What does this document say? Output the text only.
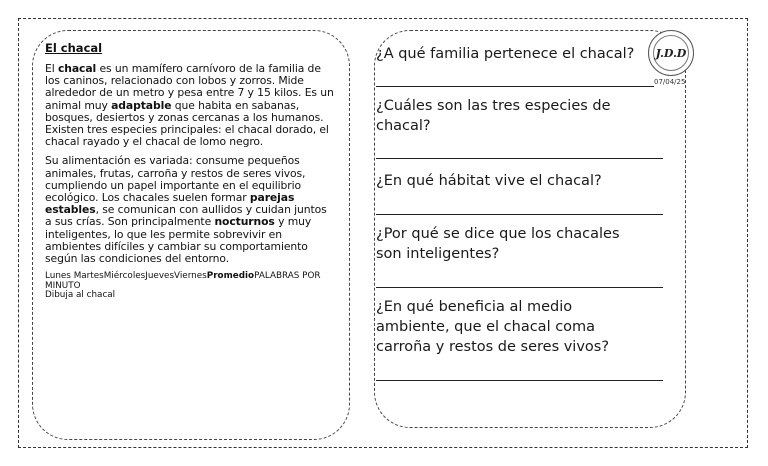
El chacal

El chacal es un mamífero carnívoro de la familia de los caninos, relacionado con lobos y zorros. Mide alrededor de un metro y pesa entre 7 y 15 kilos. Es un animal muy adaptable que habita en sabanas, bosques, desiertos y zonas cercanas a los humanos. Existen tres especies principales: el chacal dorado, el chacal rayado y el chacal de lomo negro.

Su alimentación es variada: consume pequeños animales, frutas, carroña y restos de seres vivos, cumpliendo un papel importante en el equilibrio ecológico. Los chacales suelen formar parejas estables, se comunican con aullidos y cuidan juntos a sus crías. Son principalmente nocturnos y muy inteligentes, lo que les permite sobrevivir en ambientes difíciles y cambiar su comportamiento según las condiciones del entorno.

Lunes MartesMiércolesJuevesViernesPromedioPALABRAS POR MINUTO
Dibuja al chacal
¿A qué familia pertenece el chacal?
¿Cuáles son las tres especies de chacal?
¿En qué hábitat vive el chacal?
¿Por qué se dice que los chacales son inteligentes?
¿En qué beneficia al medio ambiente, que el chacal coma carroña y restos de seres vivos?
J.D.D
07/04/25
